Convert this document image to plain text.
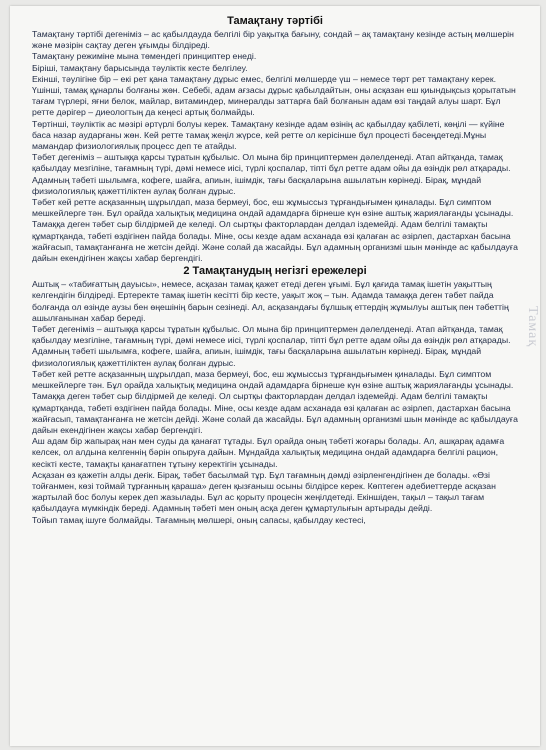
Тамақ
Тамақтану тәртібі

Тамақтану тәртібі дегеніміз – ас қабылдауда белгілі бір уақытқа бағыну, сондай – ақ тамақтану кезінде астың мөлшерін және мәзірін сақтау деген ұғымды білдіреді.

Тамақтану режиміне мына төмендегі принциптер енеді.

Біріші, тамақтану барысында тәуліктік кесте белгілеу.

Екінші, тәулігіне бір – екі рет қана тамақтану дұрыс емес, белгілі мөлшерде үш – немесе төрт рет тамақтану керек.

Үшінші, тамақ құнарлы болғаны жөн. Себебі, адам ағзасы дұрыс қабылдайтын, оны асқазан еш қиындықсыз қорытатын тағам түрлері, яғни белок, майлар, витаминдер, минералды заттарға бай болғанын адам өзі таңдай алуы шарт. Бұл ретте дәрігер – диеологтың да кеңесі артық болмайды.

Төртінші, тәуліктік ас мәзірі әртүрлі болуы керек. Тамақтану кезінде адам өзінің ас қабылдау қабілеті, көңілі — күйіне баса назар аударғаны жөн. Кей ретте тамақ жеңіл жүрсе, кей ретте ол керісінше бұл процесті бәсеңдетеді.Мұны мамандар физиологиялық процесс деп те атайды.

Тәбет дегеніміз – аштыққа қарсы тұратын құбылыс. Ол мына бір принциптермен дәлелденеді. Атап айтқанда, тамақ қабылдау мезгіліне, тағамның түрі, дәмі немесе иісі, түрлі қоспалар, тіпті бұл ретте адам ойы да өзіндік рөл атқарады. Адамның тәбеті шылымға, кофеге, шайға, апиын, ішімдік, тағы басқаларына ашылатын көрінеді. Бірақ, мұндай физиологиялық қажеттіліктен аулақ болған дұрыс.

Тәбет кей ретте асқазанның шұрылдап, маза бермеуі, бос, еш жұмыссыз тұрғандығымен қиналады. Бұл симптом мешкейлерге тән. Бұл орайда халықтық медицина ондай адамдарға бірнеше күн өзіне аштық жариялағанды ұсынады.

Тамаққа деген тәбет сыр білдірмей де келеді. Ол сыртқы факторлардан делдал іздемейді. Адам белгілі тамақты құмартқанда, тәбеті өздігінен пайда болады. Міне, осы кезде адам асханада өзі қалаған ас әзірлеп, дастархан басына жайғасып, тамақтанғанға не жетсін дейді. Және солай да жасайды. Бұл адамның организмі шын мәнінде ас қабылдауға дайын екендігінен жақсы хабар бергендігі.

2 Тамақтанудың негізгі ережелері

Аштық – «табиғаттың дауысы», немесе, асқазан тамақ қажет етеді деген ұғымі. Бұл қағида тамақ ішетін уақыттың келгендігін білдіреді. Ертеректе тамақ ішетін кесітті бір кесте, уақыт жоқ – тын. Адамда тамаққа деген тәбет пайда болғанда ол өзінде аузы бен өңешінің барын сезінеді. Ал, асқазандағы бұлшық еттердің жұмылуы аштық пен тәбеттің ашылғанынан хабар береді.

Тәбет дегеніміз – аштыққа қарсы тұратын құбылыс. Ол мына бір принциптермен дәлелденеді. Атап айтқанда, тамақ қабылдау мезгіліне, тағамның түрі, дәмі немесе иісі, түрлі қоспалар, тіпті бұл ретте адам ойы да өзіндік рөл атқарады. Адамның тәбеті шылымға, кофеге, шайға, апиын, ішімдік, тағы басқаларына ашылатын көрінеді. Бірақ, мұндай физиологиялық қажеттіліктен аулақ болған дұрыс.

Тәбет кей ретте асқазанның шұрылдап, маза бермеуі, бос, еш жұмыссыз тұрғандығымен қиналады. Бұл симптом мешкейлерге тән. Бұл орайда халықтық медицина ондай адамдарға бірнеше күн өзіне аштық жариялағанды ұсынады.

Тамаққа деген тәбет сыр білдірмей де келеді. Ол сыртқы факторлардан делдал іздемейді. Адам белгілі тамақты құмартқанда, тәбеті өздігінен пайда болады. Міне, осы кезде адам асханада өзі қалаған ас әзірлеп, дастархан басына жайғасып, тамақтанғанға не жетсін дейді. Және солай да жасайды. Бұл адамның организмі шын мәнінде ас қабылдауға дайын екендігінен жақсы хабар бергендігі.

Аш адам бір жапырақ нан мен суды да қанағат тұтады. Бұл орайда оның тәбеті жоғары болады. Ал, ашқарақ адамға келсек, ол алдына келгеннің бәрін опыруға дайын. Мұндайда халықтық медицина ондай адамдарға белгілі рацион, кесікті кесте, тамақты қанағатпен тұтыну керектігін ұсынады.

Асқазан өз қажетін алды деғік. Бірақ, тәбет басылмай тұр. Бұл тағамның дәмді әзірленгендігінен де болады. «Өзі тойғанмен, көзі тоймай тұрғанның қараша» деген қызғаныш осыны білдірсе керек. Көптеген әдебиеттерде асқазан жартылай бос болуы керек деп жазылады. Бұл ас қорыту процесін жеңілдетеді. Екіншіден, тақыл – тақыл тағам қабылдауға мүмкіндік береді. Адамның тәбеті мен оның асқа деген құмартулығын артырады дейді.

Тойып тамақ ішуге болмайды. Тағамның мөлшері, оның сапасы, қабылдау кестесі,
